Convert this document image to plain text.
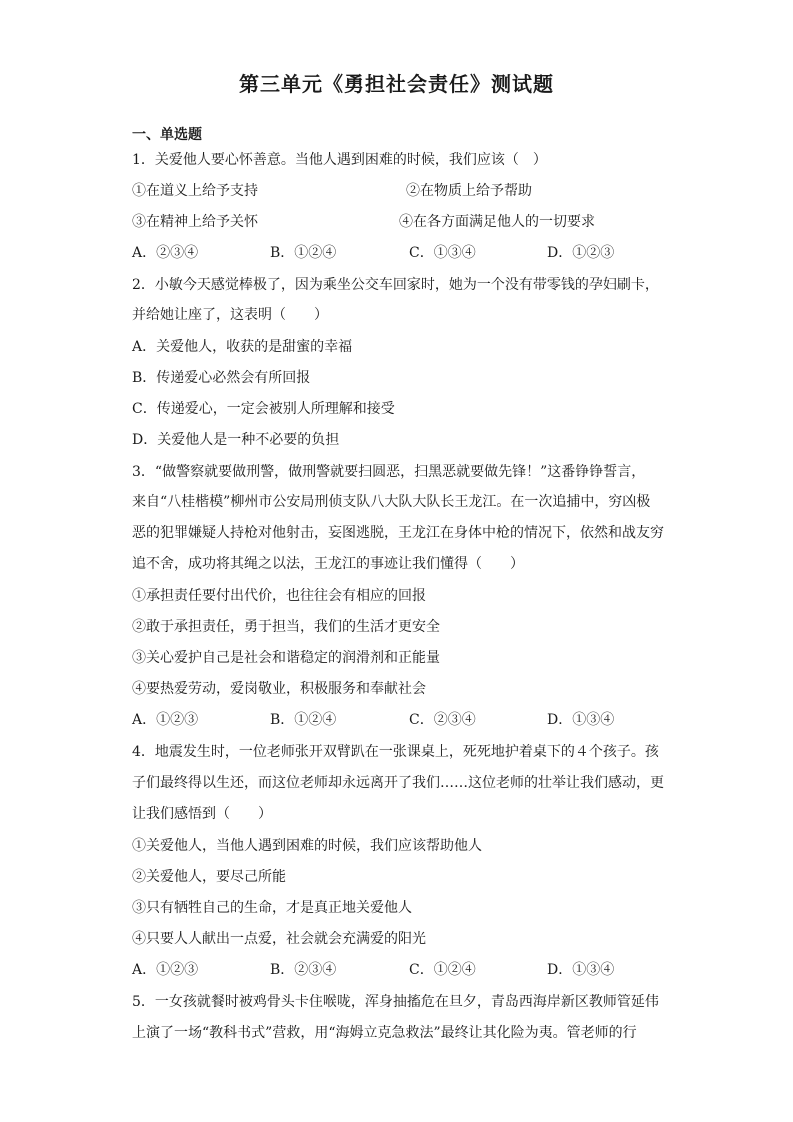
第三单元《勇担社会责任》测试题
一、单选题
1．关爱他人要心怀善意。当他人遇到困难的时候，我们应该（　）
①在道义上给予支持	②在物质上给予帮助
③在精神上给予关怀	④在各方面满足他人的一切要求
A．②③④	B．①②④	C．①③④	D．①②③
2．小敏今天感觉棒极了，因为乘坐公交车回家时，她为一个没有带零钱的孕妇刷卡，
并给她让座了，这表明（　　）
A．关爱他人，收获的是甜蜜的幸福
B．传递爱心必然会有所回报
C．传递爱心，一定会被别人所理解和接受
D．关爱他人是一种不必要的负担
3．“做警察就要做刑警，做刑警就要扫圆恶，扫黑恶就要做先锋！”这番铮铮誓言，
来自“八桂楷模”柳州市公安局刑侦支队八大队大队长王龙江。在一次追捕中，穷凶极
恶的犯罪嫌疑人持枪对他射击，妄图逃脱，王龙江在身体中枪的情况下，依然和战友穷
追不舍，成功将其绳之以法，王龙江的事迹让我们懂得（　　）
①承担责任要付出代价，也往往会有相应的回报
②敢于承担责任，勇于担当，我们的生活才更安全
③关心爱护自己是社会和谐稳定的润滑剂和正能量
④要热爱劳动，爱岗敬业，积极服务和奉献社会
A．①②③	B．①②④	C．②③④	D．①③④
4．地震发生时，一位老师张开双臂趴在一张课桌上，死死地护着桌下的４个孩子。孩
子们最终得以生还，而这位老师却永远离开了我们……这位老师的壮举让我们感动，更
让我们感悟到（　　）
①关爱他人，当他人遇到困难的时候，我们应该帮助他人
②关爱他人，要尽己所能
③只有牺牲自己的生命，才是真正地关爱他人
④只要人人献出一点爱，社会就会充满爱的阳光
A．①②③	B．②③④	C．①②④	D．①③④
5．一女孩就餐时被鸡骨头卡住喉咙，浑身抽搐危在旦夕，青岛西海岸新区教师管延伟
上演了一场“教科书式”营救，用“海姆立克急救法”最终让其化险为夷。管老师的行
